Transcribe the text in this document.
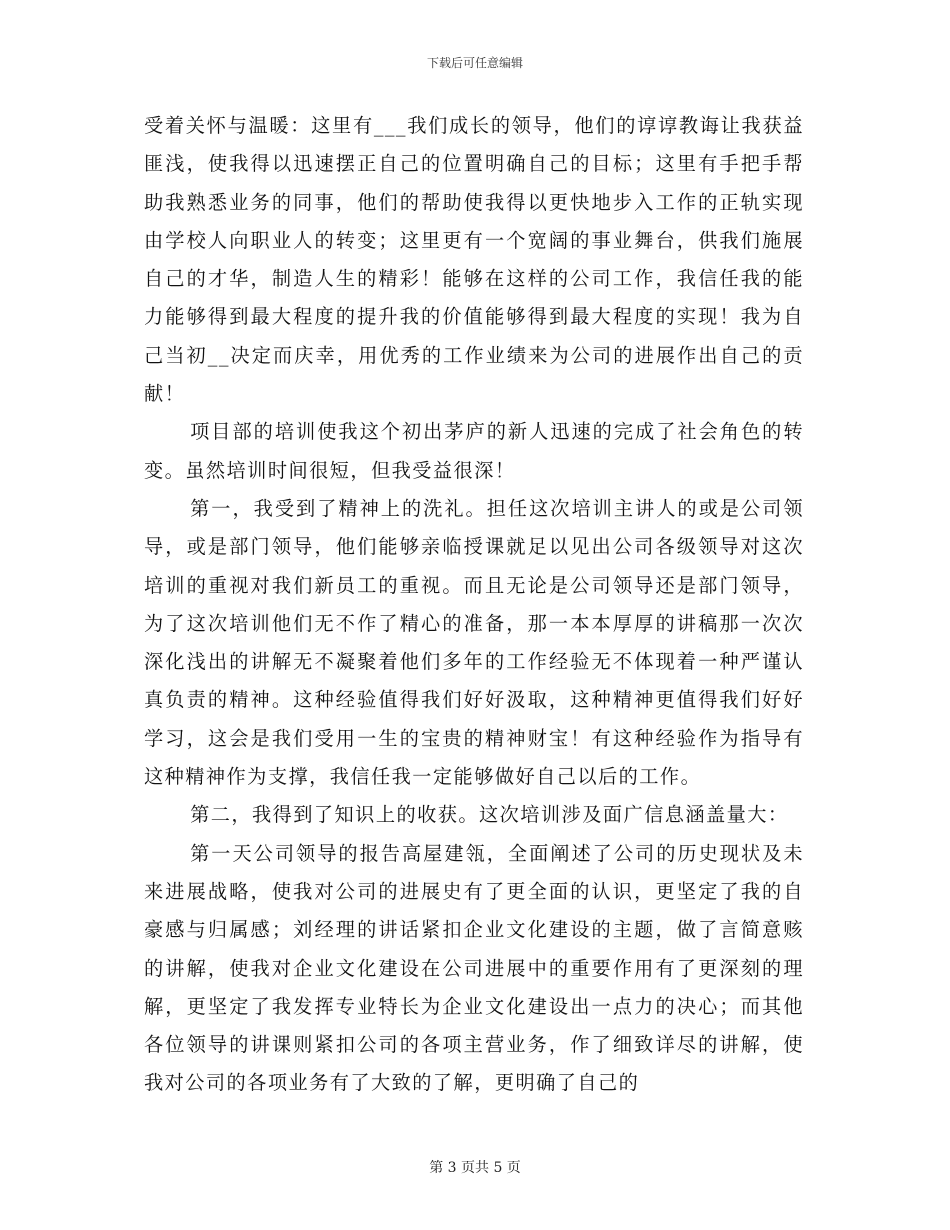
下载后可任意编辑

受着关怀与温暖：这里有___我们成长的领导，他们的谆谆教诲让我获益匪浅，使我得以迅速摆正自己的位置明确自己的目标；这里有手把手帮助我熟悉业务的同事，他们的帮助使我得以更快地步入工作的正轨实现由学校人向职业人的转变；这里更有一个宽阔的事业舞台，供我们施展自己的才华，制造人生的精彩！能够在这样的公司工作，我信任我的能力能够得到最大程度的提升我的价值能够得到最大程度的实现！我为自己当初__决定而庆幸，用优秀的工作业绩来为公司的进展作出自己的贡献！

项目部的培训使我这个初出茅庐的新人迅速的完成了社会角色的转变。虽然培训时间很短，但我受益很深！

第一，我受到了精神上的洗礼。担任这次培训主讲人的或是公司领导，或是部门领导，他们能够亲临授课就足以见出公司各级领导对这次培训的重视对我们新员工的重视。而且无论是公司领导还是部门领导，为了这次培训他们无不作了精心的准备，那一本本厚厚的讲稿那一次次深化浅出的讲解无不凝聚着他们多年的工作经验无不体现着一种严谨认真负责的精神。这种经验值得我们好好汲取，这种精神更值得我们好好学习，这会是我们受用一生的宝贵的精神财宝！有这种经验作为指导有这种精神作为支撑，我信任我一定能够做好自己以后的工作。

第二，我得到了知识上的收获。这次培训涉及面广信息涵盖量大：

第一天公司领导的报告高屋建瓴，全面阐述了公司的历史现状及未来进展战略，使我对公司的进展史有了更全面的认识，更坚定了我的自豪感与归属感；刘经理的讲话紧扣企业文化建设的主题，做了言简意赅的讲解，使我对企业文化建设在公司进展中的重要作用有了更深刻的理解，更坚定了我发挥专业特长为企业文化建设出一点力的决心；而其他各位领导的讲课则紧扣公司的各项主营业务，作了细致详尽的讲解，使我对公司的各项业务有了大致的了解，更明确了自己的

第 3 页共 5 页
